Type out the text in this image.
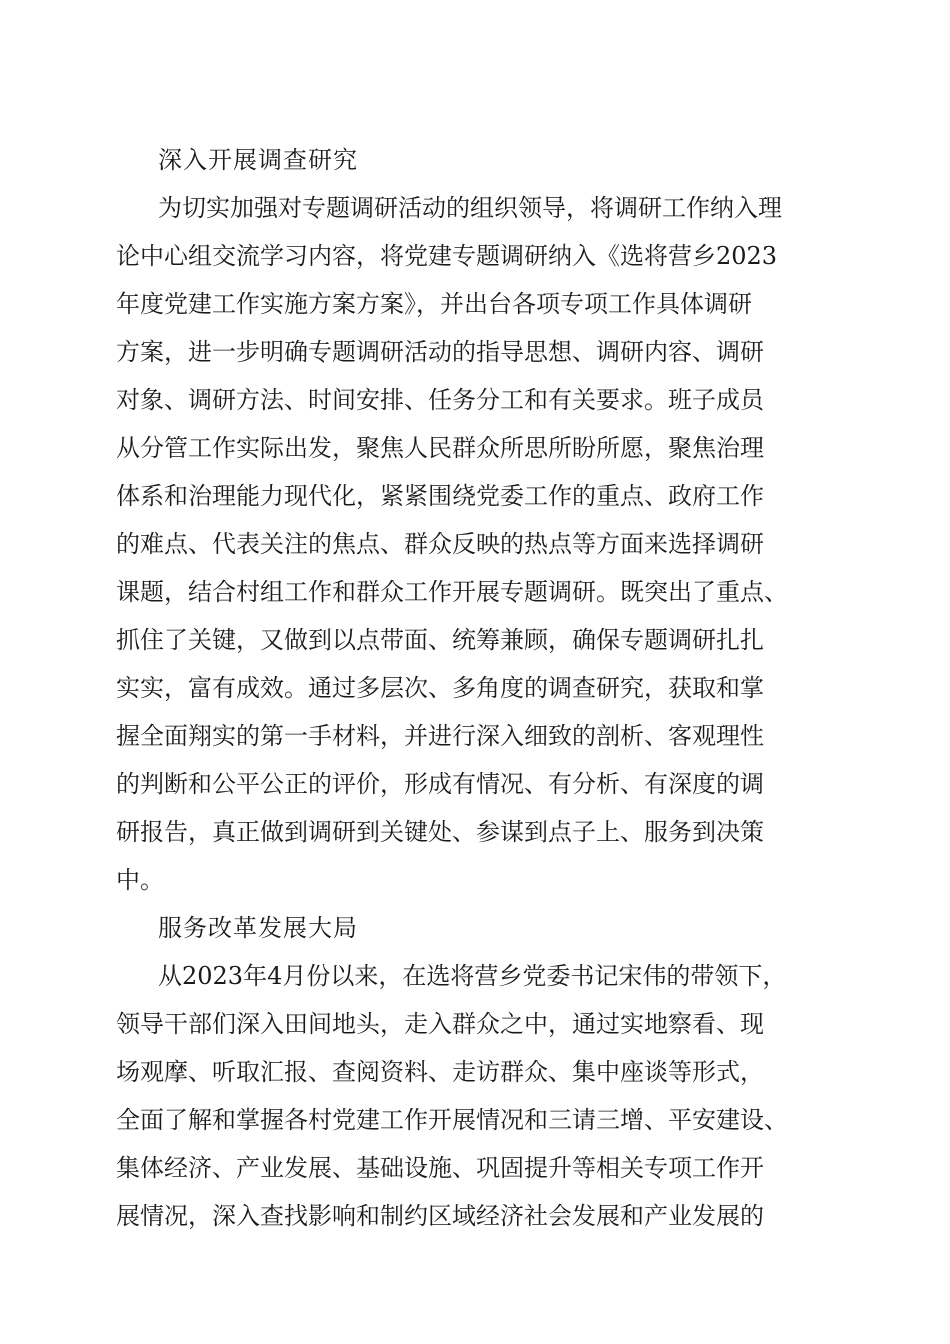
深入开展调查研究
为切实加强对专题调研活动的组织领导，将调研工作纳入理
论中心组交流学习内容，将党建专题调研纳入《选将营乡2023
年度党建工作实施方案方案》，并出台各项专项工作具体调研
方案，进一步明确专题调研活动的指导思想、调研内容、调研
对象、调研方法、时间安排、任务分工和有关要求。班子成员
从分管工作实际出发，聚焦人民群众所思所盼所愿，聚焦治理
体系和治理能力现代化，紧紧围绕党委工作的重点、政府工作
的难点、代表关注的焦点、群众反映的热点等方面来选择调研
课题，结合村组工作和群众工作开展专题调研。既突出了重点、
抓住了关键，又做到以点带面、统筹兼顾，确保专题调研扎扎
实实，富有成效。通过多层次、多角度的调查研究，获取和掌
握全面翔实的第一手材料，并进行深入细致的剖析、客观理性
的判断和公平公正的评价，形成有情况、有分析、有深度的调
研报告，真正做到调研到关键处、参谋到点子上、服务到决策
中。
服务改革发展大局
从2023年4月份以来，在选将营乡党委书记宋伟的带领下，
领导干部们深入田间地头，走入群众之中，通过实地察看、现
场观摩、听取汇报、查阅资料、走访群众、集中座谈等形式，
全面了解和掌握各村党建工作开展情况和三请三增、平安建设、
集体经济、产业发展、基础设施、巩固提升等相关专项工作开
展情况，深入查找影响和制约区域经济社会发展和产业发展的
